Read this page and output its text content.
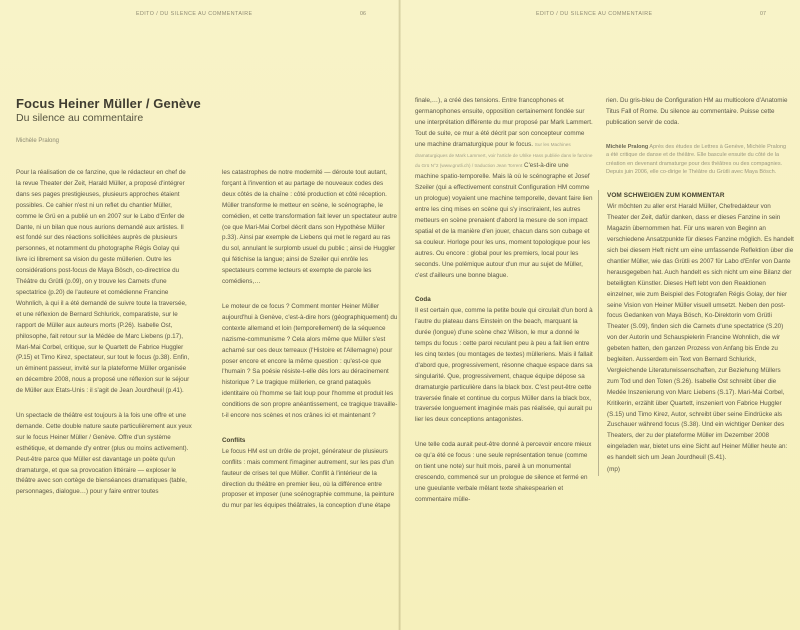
EDITO / DU SILENCE AU COMMENTAIRE	06	EDITO / DU SILENCE AU COMMENTAIRE	07
Focus Heiner Müller / Genève
Du silence au commentaire
Michèle Pralong

Pour la réalisation de ce fanzine, que le rédacteur en chef de la revue Theater der Zeit, Harald Müller, a proposé d'intégrer dans ses pages prestigieuses, plusieurs approches étaient possibles. Ce cahier n'est ni un reflet du chantier Müller, comme le Grü en a publié un en 2007 sur le Labo d'Enfer de Dante, ni un bilan que nous aurions demandé aux artistes. Il est fondé sur des réactions sollicitées auprès de plusieurs personnes, et notamment du photographe Régis Golay qui livre ici librement sa vision du geste müllerien. Outre les considérations post-focus de Maya Bösch, co-directrice du Théâtre du Grütli (p.09), on y trouve les Carnets d'une spectatrice (p.20) de l'auteure et comédienne Francine Wohnlich, à qui il a été demandé de suivre toute la traversée, et une réflexion de Bernard Schlurick, comparatiste, sur le rapport de Müller aux auteurs morts (P.26). Isabelle Ost, philosophe, fait retour sur la Médée de Marc Liebens (p.17), Mari-Mai Corbel, critique, sur le Quartett de Fabrice Huggler (P.15) et Timo Kirez, spectateur, sur tout le focus (p.38). Enfin, un éminent passeur, invité sur la plateforme Müller organisée en décembre 2008, nous a proposé une réflexion sur le séjour de Müller aux Etats-Unis : il s'agit de Jean Jourdheuil (p.41).

Un spectacle de théâtre est toujours à la fois une offre et une demande. Cette double nature saute particulièrement aux yeux sur le focus Heiner Müller / Genève. Offre d'un système esthétique, et demande d'y entrer (plus ou moins activement). Peut-être parce que Müller est davantage un poète qu'un dramaturge, et que sa provocation littéraire — exploser le théâtre avec son cortège de bienséances dramatiques (table, personnages, dialogue…) pour y faire entrer toutes

les catastrophes de notre modernité — déroute tout autant, forçant à l'invention et au partage de nouveaux codes des deux côtés de la chaîne : côté production et côté réception. Müller transforme le metteur en scène, le scénographe, le comédien, et cette transformation fait lever un spectateur autre (ce que Mari-Mai Corbel décrit dans son Hypothèse Müller p.33). Ainsi par exemple de Liebens qui met le regard au ras du sol, annulant le surplomb usuel du public ; ainsi de Huggler qui fétichise la langue; ainsi de Szeiler qui enrôle les spectateurs comme lecteurs et exempte de parole les comédiens,…

Le moteur de ce focus ? Comment monter Heiner Müller aujourd'hui à Genève, c'est-à-dire hors (géographiquement) du contexte allemand et loin (temporellement) de la séquence nazisme-communisme ? Cela alors même que Müller s'est acharné sur ces deux terreaux (l'Histoire et l'Allemagne) pour poser encore et encore la même question : qu'est-ce que l'humain ? Sa poésie résiste-t-elle dès lors au déracinement historique ? Le tragique müllerien, ce grand pataquès identitaire où l'homme se fait loup pour l'homme et produit les conditions de son propre anéantissement, ce tragique travaille-t-il encore nos scènes et nos crânes ici et maintenant ?

Conflits

Le focus HM est un drôle de projet, générateur de plusieurs conflits : mais comment l'imaginer autrement, sur les pas d'un fauteur de crises tel que Müller. Conflit à l'intérieur de la direction du théâtre en premier lieu, où la différence entre proposer et imposer (une scénographie commune, la peinture du mur par les équipes théâtrales, la conception d'une étape

finale,…), a créé des tensions. Entre francophones et germanophones ensuite, opposition certainement fondée sur une interprétation différente du mur proposé par Mark Lammert. Tout de suite, ce mur a été décrit par son concepteur comme une machine dramaturgique pour le focus. Sur les Machines dramaturgiques de Mark Lammert, voir l'article de Ulrike Hass publiée dans le fanzine du Grü N°2 (www.grutli.ch) / traduction Jean Torrent C'est-à-dire une machine spatio-temporelle. Mais là où le scénographe et Josef Szeiler (qui a effectivement construit Configuration HM comme un prologue) voyaient une machine temporelle, devant faire lien entre les cinq mises en scène qui s'y inscriraient, les autres metteurs en scène prenaient d'abord la mesure de son impact spatial et de la manière d'en jouer, chacun dans son cubage et sa couleur. Horloge pour les uns, moment topologique pour les autres. Ou encore : global pour les premiers, local pour les seconds. Une polémique autour d'un mur au sujet de Müller, c'est d'ailleurs une bonne blague.

Coda

Il est certain que, comme la petite boule qui circulait d'un bord à l'autre du plateau dans Einstein on the beach, marquant la durée (longue) d'une scène chez Wilson, le mur a donné le temps du focus : cette paroi reculant peu à peu a fait lien entre les cinq textes (ou montages de textes) mülleriens. Mais il fallait d'abord que, progressivement, résonne chaque espace dans sa singularité. Que, progressivement, chaque équipe dépose sa dramaturgie particulière dans la black box. C'est peut-être cette traversée finale et continue du corpus Müller dans la black box, traversée longuement imaginée mais pas réalisée, qui aurait pu lier les deux conceptions antagonistes.

Une telle coda aurait peut-être donné à percevoir encore mieux ce qu'a été ce focus : une seule représentation tenue (comme on tient une note) sur huit mois, pareil à un monumental crescendo, commencé sur un prologue de silence et fermé en une gueulante verbale mêlant texte shakespearien et commentaire mülle-

rien. Du gris-bleu de Configuration HM au multicolore d'Anatomie Titus Fall of Rome. Du silence au commentaire. Puisse cette publication servir de coda.

Michèle Pralong Après des études de Lettres à Genève, Michèle Pralong a été critique de danse et de théâtre. Elle bascule ensuite du côté de la création en devenant dramaturge pour des théâtres ou des compagnies. Depuis juin 2006, elle co-dirige le Théâtre du Grütli avec Maya Bösch.

VOM SCHWEIGEN ZUM KOMMENTAR

Wir möchten zu aller erst Harald Müller, Chefredakteur von Theater der Zeit, dafür danken, dass er dieses Fanzine in sein Magazin übernommen hat. Für uns waren von Beginn an verschiedene Ansatzpunkte für dieses Fanzine möglich. Es handelt sich bei diesem Heft nicht um eine umfassende Reflektion über die chantier Müller, wie das Grütli es 2007 für Labo d'Enfer von Dante herausgegeben hat. Auch handelt es sich nicht um eine Bilanz der beteiligten Künstler. Dieses Heft lebt von den Reaktionen einzelner, wie zum Beispiel des Fotografen Régis Golay, der hier seine Vision von Heiner Müller visuell umsetzt. Neben den post-focus Gedanken von Maya Bösch, Ko-Direktorin vom Grütli Theater (S.09), finden sich die Carnets d'une spectatrice (S.20) von der Autorin und Schauspielerin Francine Wohnlich, die wir gebeten hatten, den ganzen Prozess von Anfang bis Ende zu begleiten. Ausserdem ein Text von Bernard Schlurick, Vergleichende Literaturwissenschaften, zur Beziehung Müllers zum Tod und den Toten (S.26). Isabelle Ost schreibt über die Medée Inszenierung von Marc Liebens (S.17). Mari-Mai Corbel, Kritikerin, erzählt über Quartett, inszeniert von Fabrice Huggler (S.15) und Timo Kirez, Autor, schreibt über seine Eindrücke als Zuschauer während focus (S.38). Und ein wichtiger Denker des Theaters, der zu der plateforme Müller im Dezember 2008 eingeladen war, bietet uns eine Sicht auf Heiner Müller heute an: es handelt sich um Jean Jourdheuil (S.41).

(mp)
